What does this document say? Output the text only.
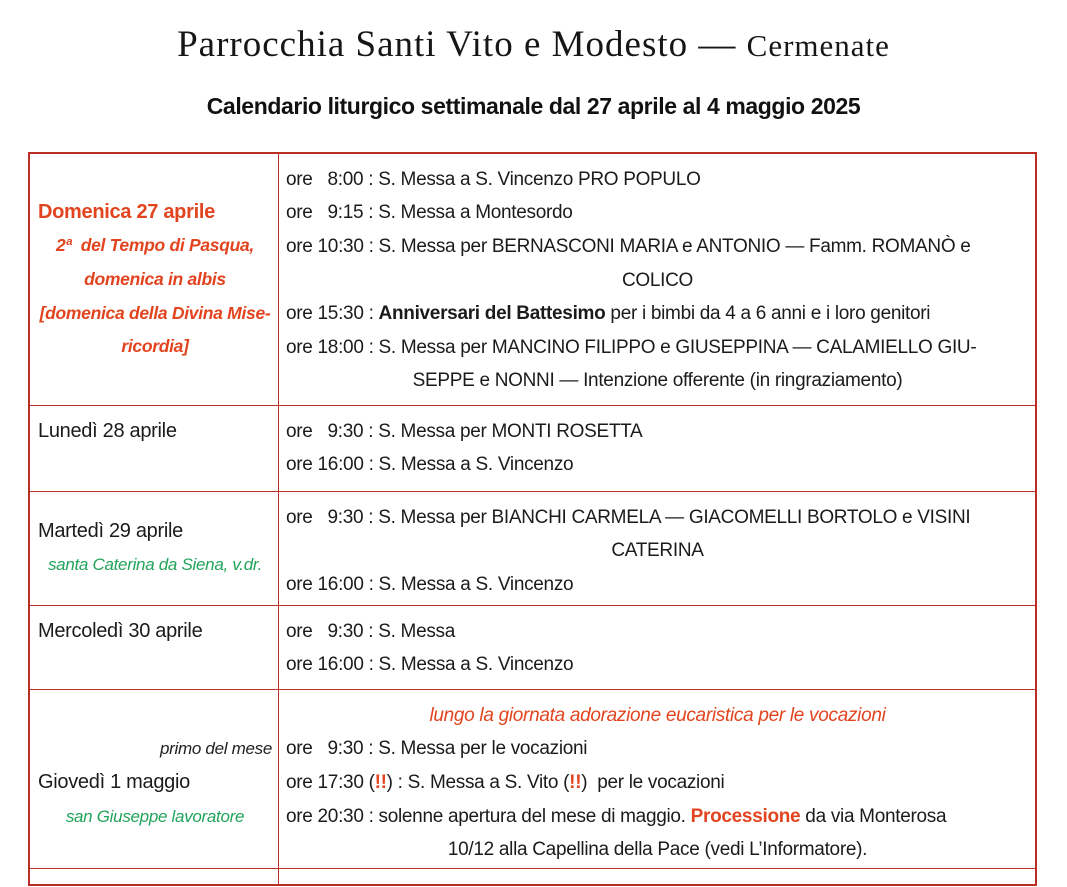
Parrocchia Santi Vito e Modesto — Cermenate
Calendario liturgico settimanale dal 27 aprile al 4 maggio 2025
Domenica 27 aprile
2ª  del Tempo di Pasqua,
domenica in albis
[domenica della Divina Mise-
ricordia]
ore   8:00 : S. Messa a S. Vincenzo PRO POPULO
ore   9:15 : S. Messa a Montesordo
ore 10:30 : S. Messa per BERNASCONI MARIA e ANTONIO — Famm. ROMANÒ e
COLICO
ore 15:30 : Anniversari del Battesimo per i bimbi da 4 a 6 anni e i loro genitori
ore 18:00 : S. Messa per MANCINO FILIPPO e GIUSEPPINA — CALAMIELLO GIU-
SEPPE e NONNI — Intenzione offerente (in ringraziamento)
Lunedì 28 aprile	ore   9:30 : S. Messa per MONTI ROSETTA
ore 16:00 : S. Messa a S. Vincenzo
Martedì 29 aprile
santa Caterina da Siena, v.dr.
ore   9:30 : S. Messa per BIANCHI CARMELA — GIACOMELLI BORTOLO e VISINI
CATERINA
ore 16:00 : S. Messa a S. Vincenzo
Mercoledì 30 aprile	ore   9:30 : S. Messa
ore 16:00 : S. Messa a S. Vincenzo
primo del mese
Giovedì 1 maggio
san Giuseppe lavoratore
lungo la giornata adorazione eucaristica per le vocazioni
ore   9:30 : S. Messa per le vocazioni
ore 17:30 ( !! ) : S. Messa a S. Vito ( !! )  per le vocazioni
ore 20:30 : solenne apertura del mese di maggio. Processione da via Monterosa
10/12 alla Capellina della Pace (vedi L’Informatore).
